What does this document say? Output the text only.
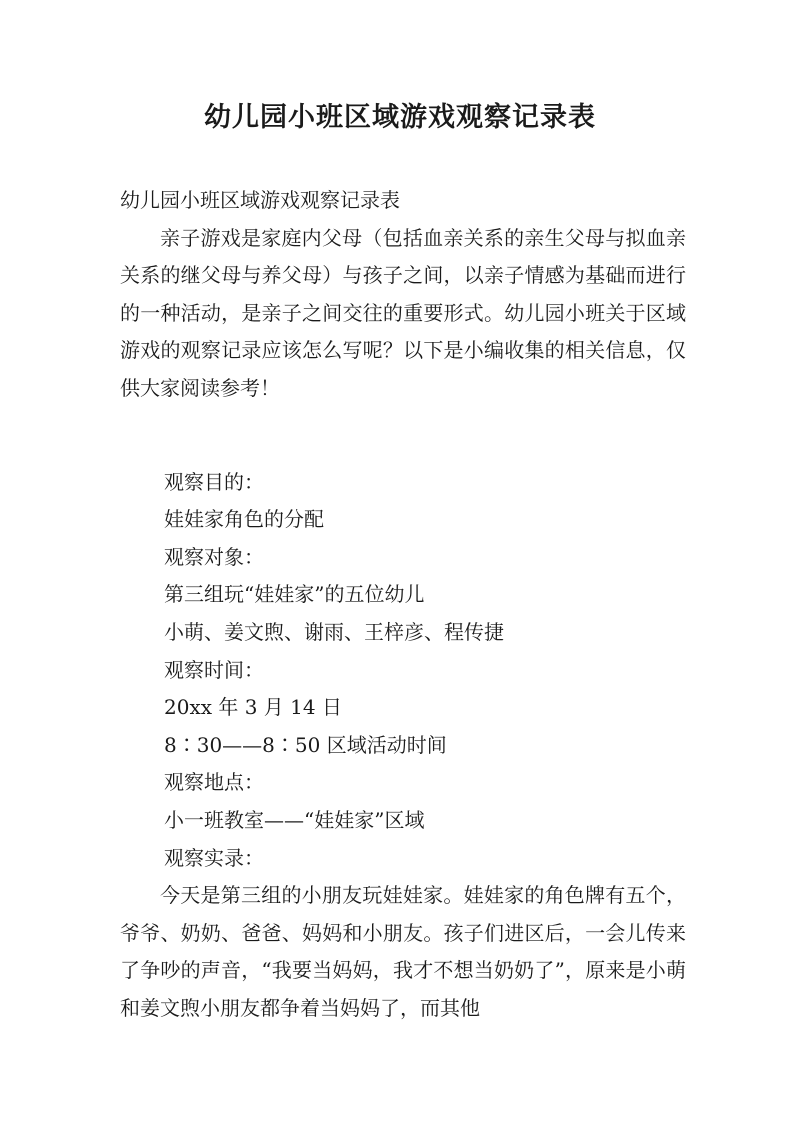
幼儿园小班区域游戏观察记录表

幼儿园小班区域游戏观察记录表

亲子游戏是家庭内父母（包括血亲关系的亲生父母与拟血亲关系的继父母与养父母）与孩子之间，以亲子情感为基础而进行的一种活动，是亲子之间交往的重要形式。幼儿园小班关于区域游戏的观察记录应该怎么写呢？以下是小编收集的相关信息，仅供大家阅读参考！

观察目的：

娃娃家角色的分配

观察对象：

第三组玩“娃娃家”的五位幼儿

小萌、姜文煦、谢雨、王梓彦、程传捷

观察时间：

20xx 年 3 月 14 日

8∶30——8∶50 区域活动时间

观察地点：

小一班教室——“娃娃家”区域

观察实录：

今天是第三组的小朋友玩娃娃家。娃娃家的角色牌有五个，爷爷、奶奶、爸爸、妈妈和小朋友。孩子们进区后，一会儿传来了争吵的声音，“我要当妈妈，我才不想当奶奶了”，原来是小萌和姜文煦小朋友都争着当妈妈了，而其他
